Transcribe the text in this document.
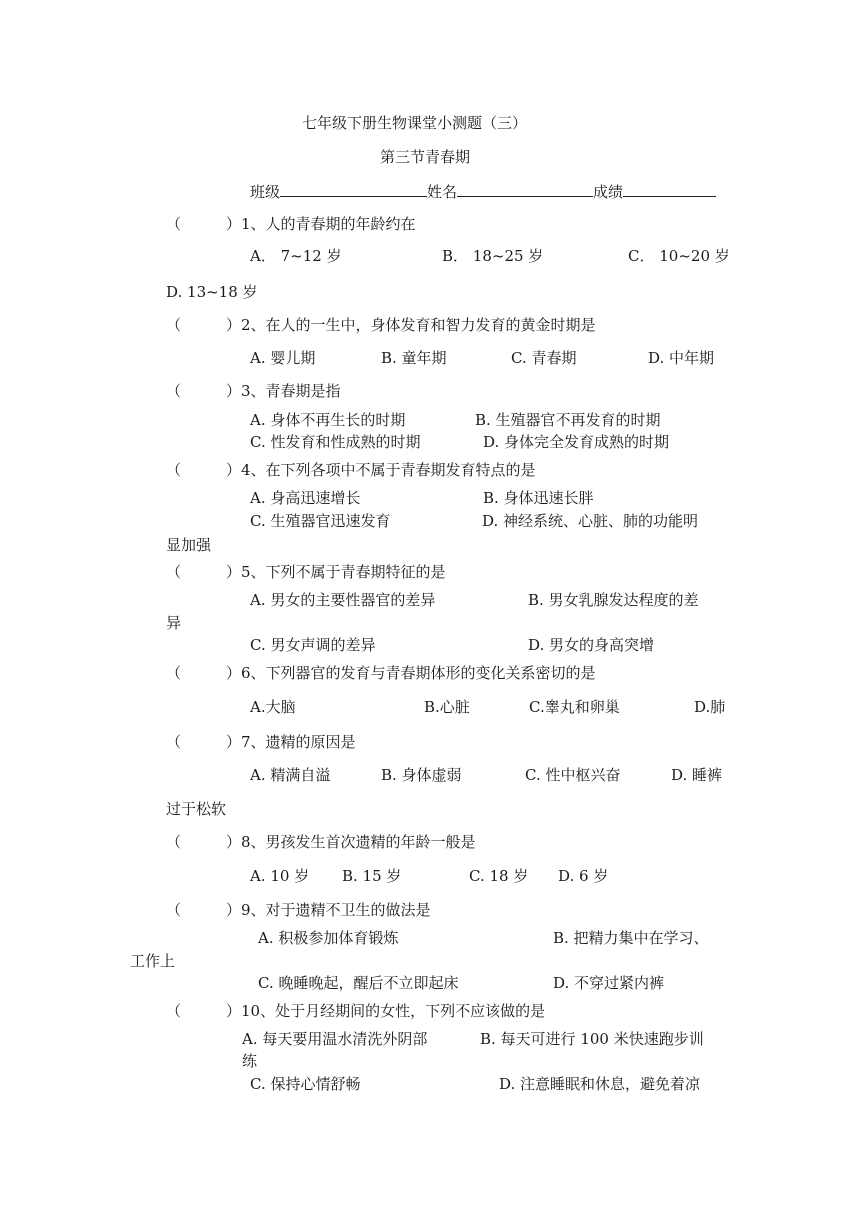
七年级下册生物课堂小测题（三）
第三节青春期
班级	姓名	成绩
（　　　）1、人的青春期的年龄约在
A． 7~12 岁	B． 18~25 岁	C． 10~20 岁
D. 13~18 岁
（　　　）2、在人的一生中，身体发育和智力发育的黄金时期是
A. 婴儿期	B. 童年期	C. 青春期	D. 中年期
（　　　）3、青春期是指
A. 身体不再生长的时期	B. 生殖器官不再发育的时期
C. 性发育和性成熟的时期	D. 身体完全发育成熟的时期
（　　　）4、在下列各项中不属于青春期发育特点的是
A. 身高迅速增长	B. 身体迅速长胖
C. 生殖器官迅速发育	D. 神经系统、心脏、肺的功能明
显加强
（　　　）5、下列不属于青春期特征的是
A. 男女的主要性器官的差异	B. 男女乳腺发达程度的差
异
C. 男女声调的差异	D. 男女的身高突增
（　　　）6、下列器官的发育与青春期体形的变化关系密切的是
A.大脑	B.心脏	C.睾丸和卵巢	D.肺
（　　　）7、遗精的原因是
A. 精满自溢	B. 身体虚弱	C. 性中枢兴奋	D. 睡裤
过于松软
（　　　）8、男孩发生首次遗精的年龄一般是
A. 10 岁 B. 15 岁	C. 18 岁 D. 6 岁
（　　　）9、对于遗精不卫生的做法是
A. 积极参加体育锻炼	B. 把精力集中在学习、
工作上
C. 晚睡晚起，醒后不立即起床	D. 不穿过紧内裤
（　　　）10、处于月经期间的女性，下列不应该做的是
A. 每天要用温水清洗外阴部	B. 每天可进行 100 米快速跑步训
练
C. 保持心情舒畅	D. 注意睡眠和休息，避免着凉
